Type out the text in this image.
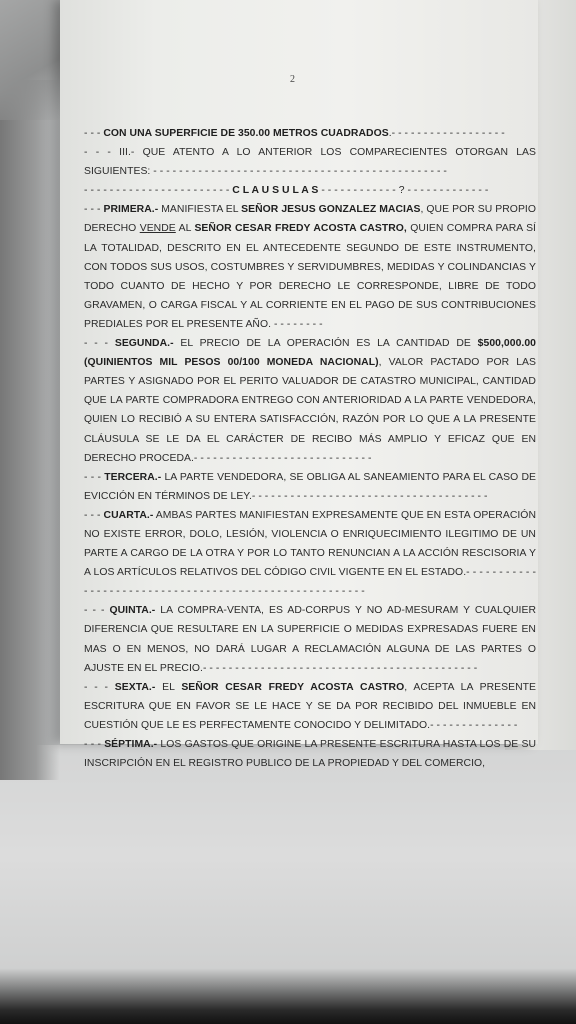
2

- - - CON UNA SUPERFICIE DE 350.00 METROS CUADRADOS.- - - - - - - - - - - - - - - - - -

- - - III.- QUE ATENTO A LO ANTERIOR LOS COMPARECIENTES OTORGAN LAS SIGUIENTES: - - - - - - - - - - - - - - - - - - - - - - - - - - - - - - - - - - - - - - - - - - - - - -

- - - - - - - - - - - - - - - - - - - - - - - C L A U S U L A S - - - - - - - - - - - - ? - - - - - - - - - - - - -

- - - PRIMERA.- MANIFIESTA EL SEÑOR JESUS GONZALEZ MACIAS, QUE POR SU PROPIO DERECHO VENDE AL SEÑOR CESAR FREDY ACOSTA CASTRO, QUIEN COMPRA PARA SÍ LA TOTALIDAD, DESCRITO EN EL ANTECEDENTE SEGUNDO DE ESTE INSTRUMENTO, CON TODOS SUS USOS, COSTUMBRES Y SERVIDUMBRES, MEDIDAS Y COLINDANCIAS Y TODO CUANTO DE HECHO Y POR DERECHO LE CORRESPONDE, LIBRE DE TODO GRAVAMEN, O CARGA FISCAL Y AL CORRIENTE EN EL PAGO DE SUS CONTRIBUCIONES PREDIALES POR EL PRESENTE AÑO. - - - - - - - -

- - - SEGUNDA.- EL PRECIO DE LA OPERACIÓN ES LA CANTIDAD DE $500,000.00 (QUINIENTOS MIL PESOS 00/100 MONEDA NACIONAL), VALOR PACTADO POR LAS PARTES Y ASIGNADO POR EL PERITO VALUADOR DE CATASTRO MUNICIPAL, CANTIDAD QUE LA PARTE COMPRADORA ENTREGO CON ANTERIORIDAD A LA PARTE VENDEDORA, QUIEN LO RECIBIÓ A SU ENTERA SATISFACCIÓN, RAZÓN POR LO QUE A LA PRESENTE CLÁUSULA SE LE DA EL CARÁCTER DE RECIBO MÁS AMPLIO Y EFICAZ QUE EN DERECHO PROCEDA.- - - - - - - - - - - - - - - - - - - - - - - - - - - -

- - - TERCERA.- LA PARTE VENDEDORA, SE OBLIGA AL SANEAMIENTO PARA EL CASO DE EVICCIÓN EN TÉRMINOS DE LEY.- - - - - - - - - - - - - - - - - - - - - - - - - - - - - - - - - - - - -

- - - CUARTA.- AMBAS PARTES MANIFIESTAN EXPRESAMENTE QUE EN ESTA OPERACIÓN NO EXISTE ERROR, DOLO, LESIÓN, VIOLENCIA O ENRIQUECIMIENTO ILEGITIMO DE UN PARTE A CARGO DE LA OTRA Y POR LO TANTO RENUNCIAN A LA ACCIÓN RESCISORIA Y A LOS ARTÍCULOS RELATIVOS DEL CÓDIGO CIVIL VIGENTE EN EL ESTADO.- - - - - - - - - - - - - - - - - - - - - - - - - - - - - - - - - - - - - - - - - - - - - - - - - - - - - - -

- - - QUINTA.- LA COMPRA-VENTA, ES AD-CORPUS Y NO AD-MESURAM Y CUALQUIER DIFERENCIA QUE RESULTARE EN LA SUPERFICIE O MEDIDAS EXPRESADAS FUERE EN MAS O EN MENOS, NO DARÁ LUGAR A RECLAMACIÓN ALGUNA DE LAS PARTES O AJUSTE EN EL PRECIO.- - - - - - - - - - - - - - - - - - - - - - - - - - - - - - - - - - - - - - - - - - -

- - - SEXTA.- EL SEÑOR CESAR FREDY ACOSTA CASTRO, ACEPTA LA PRESENTE ESCRITURA QUE EN FAVOR SE LE HACE Y SE DA POR RECIBIDO DEL INMUEBLE EN CUESTIÓN QUE LE ES PERFECTAMENTE CONOCIDO Y DELIMITADO.- - - - - - - - - - - - - -

- - - SÉPTIMA.- LOS GASTOS QUE ORIGINE LA PRESENTE ESCRITURA HASTA LOS DE SU INSCRIPCIÓN EN EL REGISTRO PUBLICO DE LA PROPIEDAD Y DEL COMERCIO,
